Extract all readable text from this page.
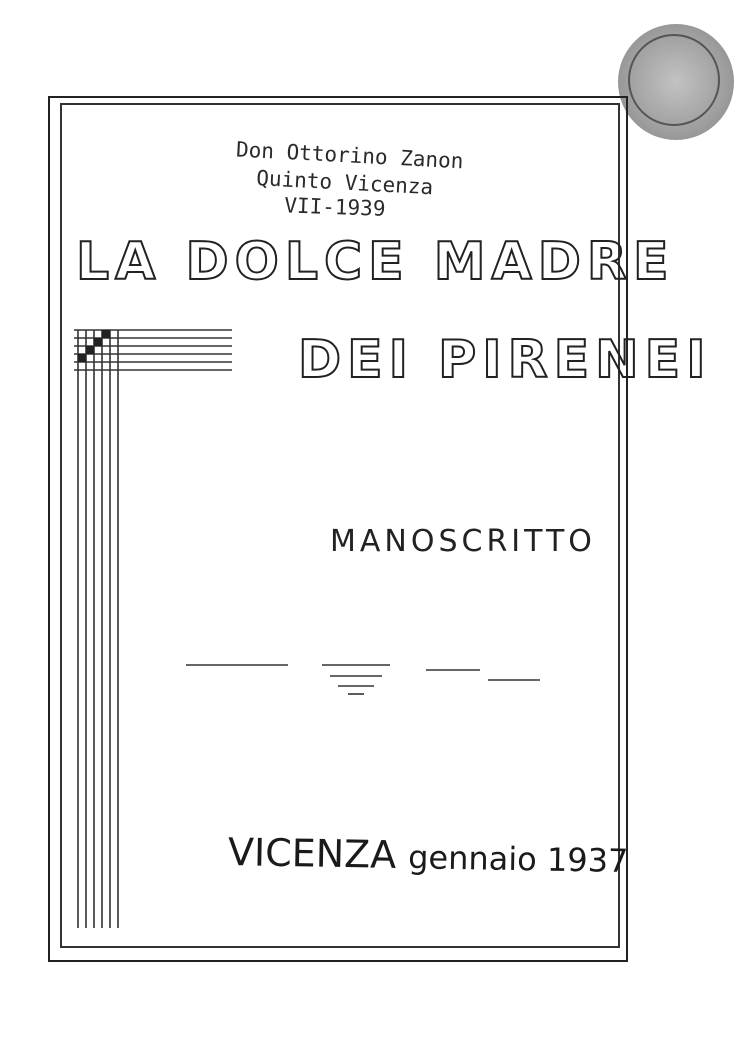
Don Ottorino Zanon
Quinto Vicenza
VII-1939
LA DOLCE MADRE
DEI PIRENEI
MANOSCRITTO
VICENZA gennaio 1937
